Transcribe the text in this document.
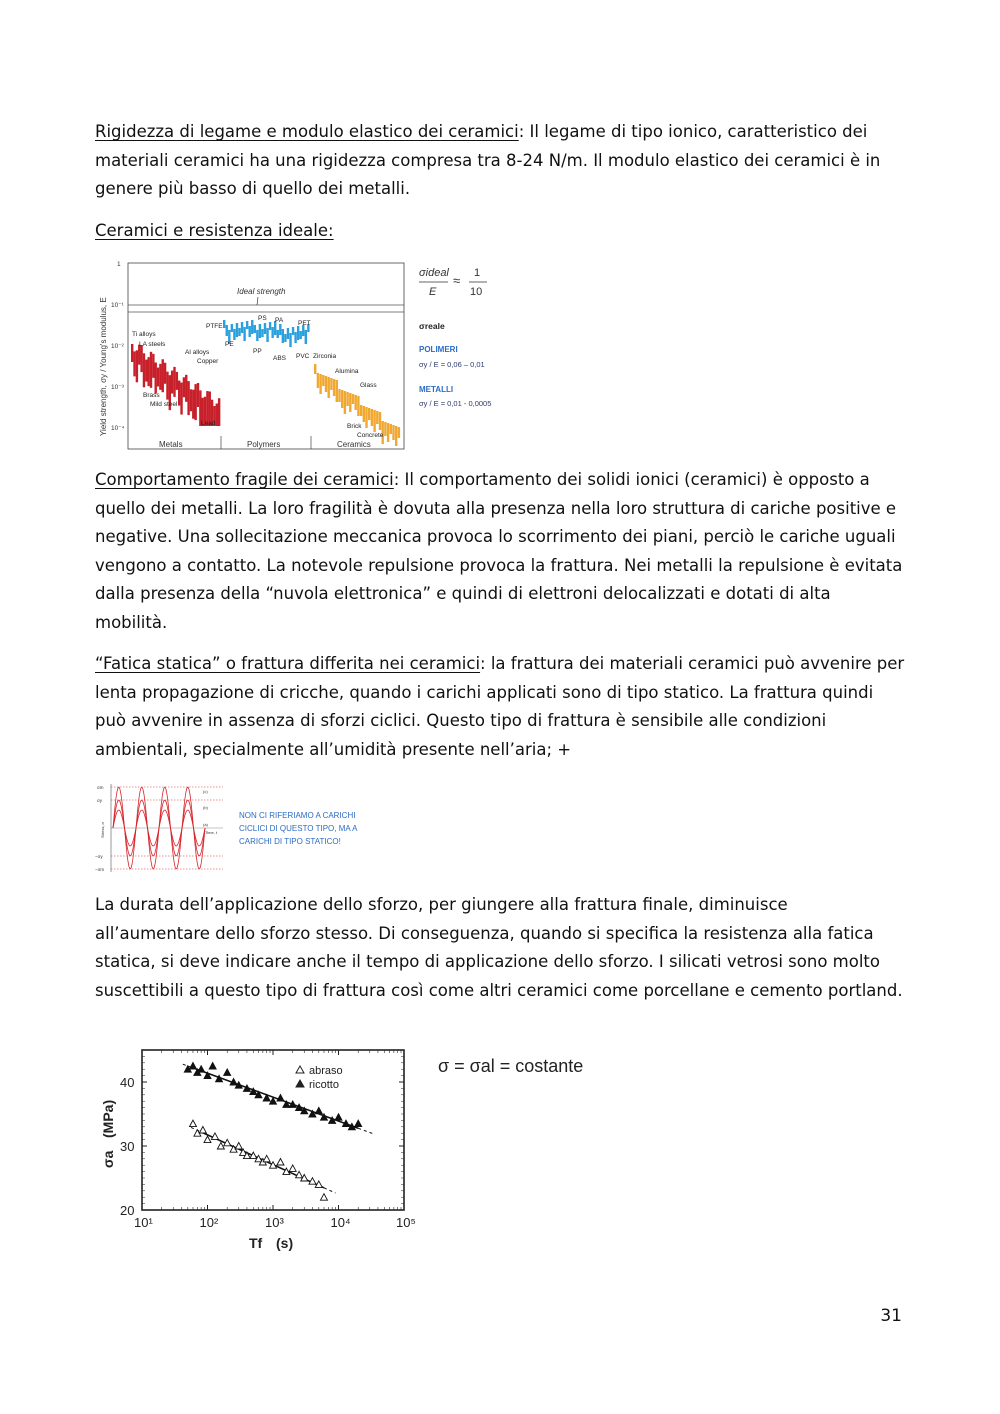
Rigidezza di legame e modulo elastico dei ceramici: Il legame di tipo ionico, caratteristico dei materiali ceramici ha una rigidezza compresa tra 8-24 N/m. Il modulo elastico dei ceramici è in genere più basso di quello dei metalli.

Ceramici e resistenza ideale:

Yield strength, σy / Young's modulus, E
1
10⁻¹
10⁻²
10⁻³
10⁻⁴
Ideal strength
Metals	Polymers	Ceramics
Ti alloys
LA steels
Al alloys
Copper
Brass
Mild steel
Lead
PTFE
PS PA PET
PE
PP
ABS PVC Zirconia
Alumina
Glass
Brick
Concrete
σideal
E
≈ 1
10
σreale
POLIMERI
σy / E = 0,06 – 0,01
METALLI
σy / E = 0,01 - 0,0005

Comportamento fragile dei ceramici: Il comportamento dei solidi ionici (ceramici) è opposto a quello dei metalli. La loro fragilità è dovuta alla presenza nella loro struttura di cariche positive e negative. Una sollecitazione meccanica provoca lo scorrimento dei piani, perciò le cariche uguali vengono a contatto. La notevole repulsione provoca la frattura. Nei metalli la repulsione è evitata dalla presenza della “nuvola elettronica” e quindi di elettroni delocalizzati e dotati di alta mobilità.

“Fatica statica” o frattura differita nei ceramici: la frattura dei materiali ceramici può avvenire per lenta propagazione di cricche, quando i carichi applicati sono di tipo statico. La frattura quindi può avvenire in assenza di sforzi ciclici. Questo tipo di frattura è sensibile alle condizioni ambientali, specialmente all’umidità presente nell’aria; +

σm
σy
−σy
−σm
Stress, σ	Time, t
(c)
(b)
(a)
NON CI RIFERIAMO A CARICHI
CICLICI DI QUESTO TIPO, MA A
CARICHI DI TIPO STATICO!

La durata dell’applicazione dello sforzo, per giungere alla frattura finale, diminuisce all’aumentare dello sforzo stesso. Di conseguenza, quando si specifica la resistenza alla fatica statica, si deve indicare anche il tempo di applicazione dello sforzo. I silicati vetrosi sono molto suscettibili a questo tipo di frattura così come altri ceramici come porcellane e cemento portland.

10¹	10²	10³	10⁴	10⁵
20
30
40
σa
(MPa)
Tf (s)
abraso
ricotto
σ = σal = costante
31
